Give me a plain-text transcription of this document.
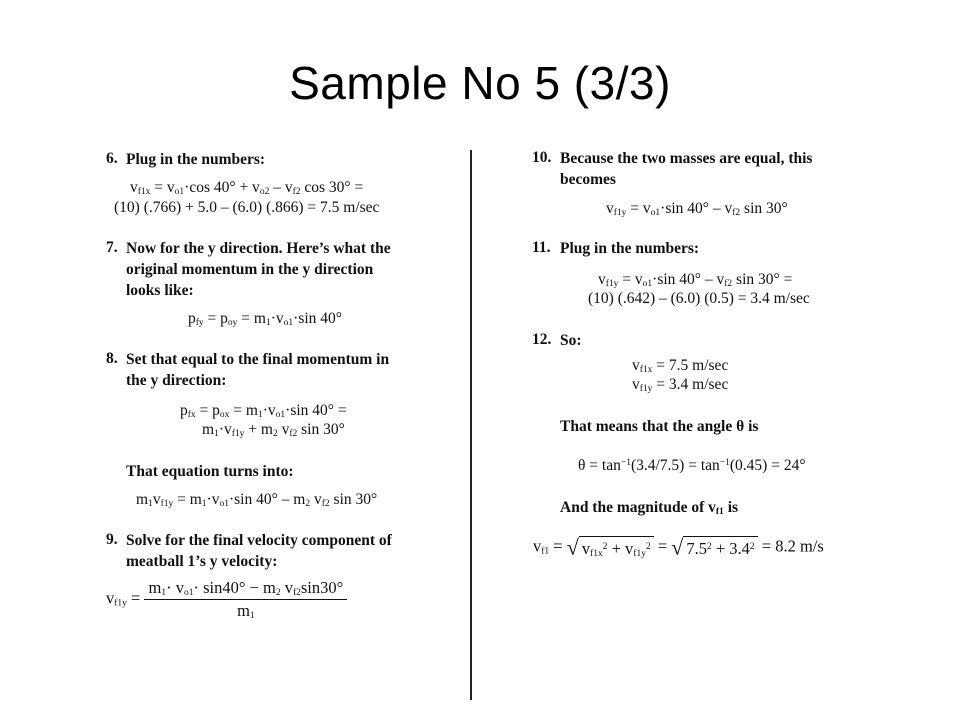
Sample No 5 (3/3)
6. Plug in the numbers:
$v_{f1x} = v_{o1}\cdot\cos$ $40^\circ + v_{o2} - v_{f2}$ cos 30° =
(10) (.766) + 5.0 – (6.0) (.866) = 7.5 m/sec
7. Now for the y direction. Here’s what the
original momentum in the y direction
looks like:
$p_{fy} = p_{oy} = m_1\cdot v_{o1}\cdot\sin$ 40°
8. Set that equal to the final momentum in
the y direction:
$p_{fx} = p_{ox} = m_1\cdot v_{o1}\cdot\sin$ 40° =
$m_1\cdot v_{f1y} + m_2$ $v_{f2}$ sin 30°
That equation turns into:
$m_1v_{f1y} = m_1\cdot v_{o1}\cdot\sin$ $40^\circ - m_2$ $v_{f2}$ sin 30°
9. Solve for the final velocity component of
meatball 1’s y velocity:
$v_{f1y} = \frac{m_1\cdot v_{o1}\cdot \sin 40^\circ - m_2 v_{f2}\sin 30^\circ}{m_1}$
10. Because the two masses are equal, this
becomes
$v_{f1y} = v_{o1}\cdot\sin$ $40^\circ - v_{f2}$ sin 30°
11. Plug in the numbers:
$v_{f1y} = v_{o1}\cdot\sin$ $40^\circ - v_{f2}$ sin 30° =
(10) (.642) – (6.0) (0.5) = 3.4 m/sec
12. So:
$v_{f1x} = 7.5$ m/sec
$v_{f1y} = 3.4$ m/sec
That means that the angle θ is
$\theta = \tan^{-1}(3.4/7.5) = \tan^{-1}(0.45) = 24^\circ$
And the magnitude of $v_{f1}$ is
$v_{f1}$ = √ $v_{f1x}^2 + v_{f1y}^2$ = √ $7.5^2 + 3.4^2 = 8.2$ m/s
